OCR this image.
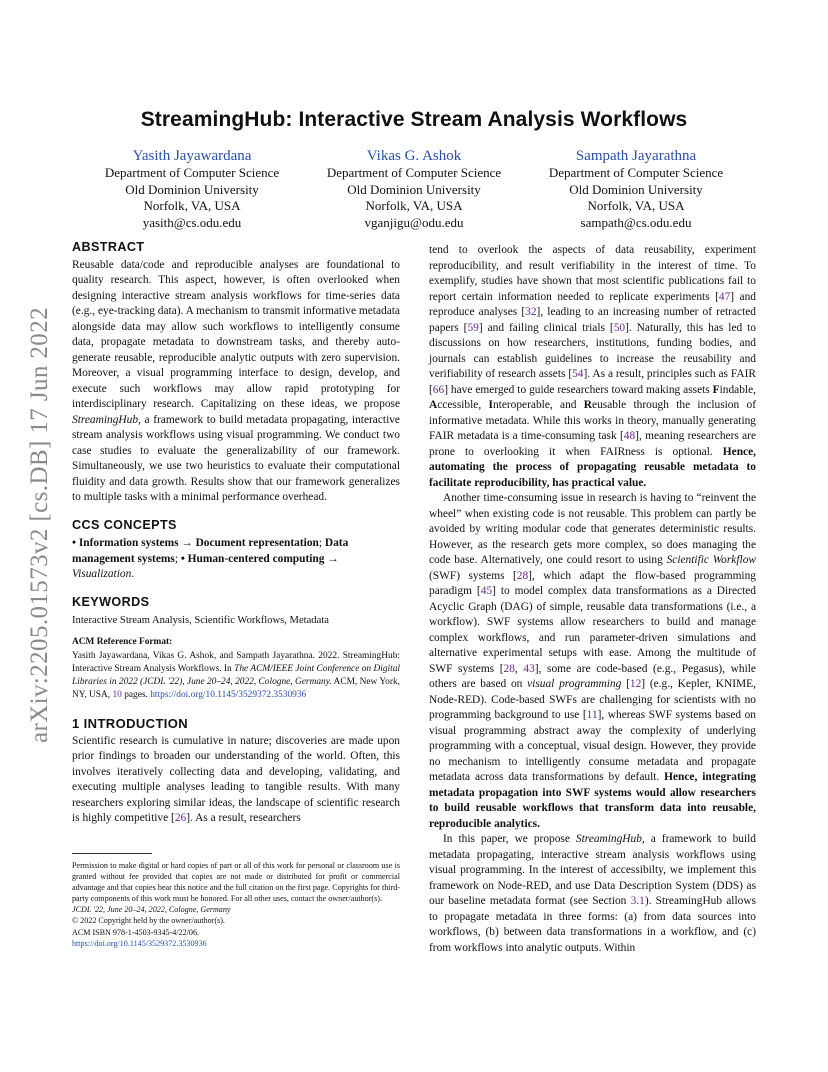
arXiv:2205.01573v2 [cs.DB] 17 Jun 2022
StreamingHub: Interactive Stream Analysis Workflows
Yasith Jayawardana
Department of Computer Science
Old Dominion University
Norfolk, VA, USA
yasith@cs.odu.edu
Vikas G. Ashok
Department of Computer Science
Old Dominion University
Norfolk, VA, USA
vganjigu@odu.edu
Sampath Jayarathna
Department of Computer Science
Old Dominion University
Norfolk, VA, USA
sampath@cs.odu.edu
ABSTRACT

Reusable data/code and reproducible analyses are foundational to quality research. This aspect, however, is often overlooked when designing interactive stream analysis workflows for time-series data (e.g., eye-tracking data). A mechanism to transmit informative metadata alongside data may allow such workflows to intelligently consume data, propagate metadata to downstream tasks, and thereby auto-generate reusable, reproducible analytic outputs with zero supervision. Moreover, a visual programming interface to design, develop, and execute such workflows may allow rapid prototyping for interdisciplinary research. Capitalizing on these ideas, we propose StreamingHub, a framework to build metadata propagating, interactive stream analysis workflows using visual programming. We conduct two case studies to evaluate the generalizability of our framework. Simultaneously, we use two heuristics to evaluate their computational fluidity and data growth. Results show that our framework generalizes to multiple tasks with a minimal performance overhead.

CCS CONCEPTS

• Information systems → Document representation; Data management systems; • Human-centered computing → Visualization.

KEYWORDS

Interactive Stream Analysis, Scientific Workflows, Metadata

ACM Reference Format:

Yasith Jayawardana, Vikas G. Ashok, and Sampath Jayarathna. 2022. StreamingHub: Interactive Stream Analysis Workflows. In The ACM/IEEE Joint Conference on Digital Libraries in 2022 (JCDL '22), June 20–24, 2022, Cologne, Germany. ACM, New York, NY, USA, 10 pages. https://doi.org/10.1145/3529372.3530936

1 INTRODUCTION

Scientific research is cumulative in nature; discoveries are made upon prior findings to broaden our understanding of the world. Often, this involves iteratively collecting data and developing, validating, and executing multiple analyses leading to tangible results. With many researchers exploring similar ideas, the landscape of scientific research is highly competitive [26]. As a result, researchers

Permission to make digital or hard copies of part or all of this work for personal or classroom use is granted without fee provided that copies are not made or distributed for profit or commercial advantage and that copies bear this notice and the full citation on the first page. Copyrights for third-party components of this work must be honored. For all other uses, contact the owner/author(s).
JCDL '22, June 20–24, 2022, Cologne, Germany
© 2022 Copyright held by the owner/author(s).
ACM ISBN 978-1-4503-9345-4/22/06.
https://doi.org/10.1145/3529372.3530936

tend to overlook the aspects of data reusability, experiment reproducibility, and result verifiability in the interest of time. To exemplify, studies have shown that most scientific publications fail to report certain information needed to replicate experiments [47] and reproduce analyses [32], leading to an increasing number of retracted papers [59] and failing clinical trials [50]. Naturally, this has led to discussions on how researchers, institutions, funding bodies, and journals can establish guidelines to increase the reusability and verifiability of research assets [54]. As a result, principles such as FAIR [66] have emerged to guide researchers toward making assets Findable, Accessible, Interoperable, and Reusable through the inclusion of informative metadata. While this works in theory, manually generating FAIR metadata is a time-consuming task [48], meaning researchers are prone to overlooking it when FAIRness is optional. Hence, automating the process of propagating reusable metadata to facilitate reproducibility, has practical value.

Another time-consuming issue in research is having to “reinvent the wheel” when existing code is not reusable. This problem can partly be avoided by writing modular code that generates deterministic results. However, as the research gets more complex, so does managing the code base. Alternatively, one could resort to using Scientific Workflow (SWF) systems [28], which adapt the flow-based programming paradigm [45] to model complex data transformations as a Directed Acyclic Graph (DAG) of simple, reusable data transformations (i.e., a workflow). SWF systems allow researchers to build and manage complex workflows, and run parameter-driven simulations and alternative experimental setups with ease. Among the multitude of SWF systems [28, 43], some are code-based (e.g., Pegasus), while others are based on visual programming [12] (e.g., Kepler, KNIME, Node-RED). Code-based SWFs are challenging for scientists with no programming background to use [11], whereas SWF systems based on visual programming abstract away the complexity of underlying programming with a conceptual, visual design. However, they provide no mechanism to intelligently consume metadata and propagate metadata across data transformations by default. Hence, integrating metadata propagation into SWF systems would allow researchers to build reusable workflows that transform data into reusable, reproducible analytics.

In this paper, we propose StreamingHub, a framework to build metadata propagating, interactive stream analysis workflows using visual programming. In the interest of accessibilty, we implement this framework on Node-RED, and use Data Description System (DDS) as our baseline metadata format (see Section 3.1). StreamingHub allows to propagate metadata in three forms: (a) from data sources into workflows, (b) between data transformations in a workflow, and (c) from workflows into analytic outputs. Within
